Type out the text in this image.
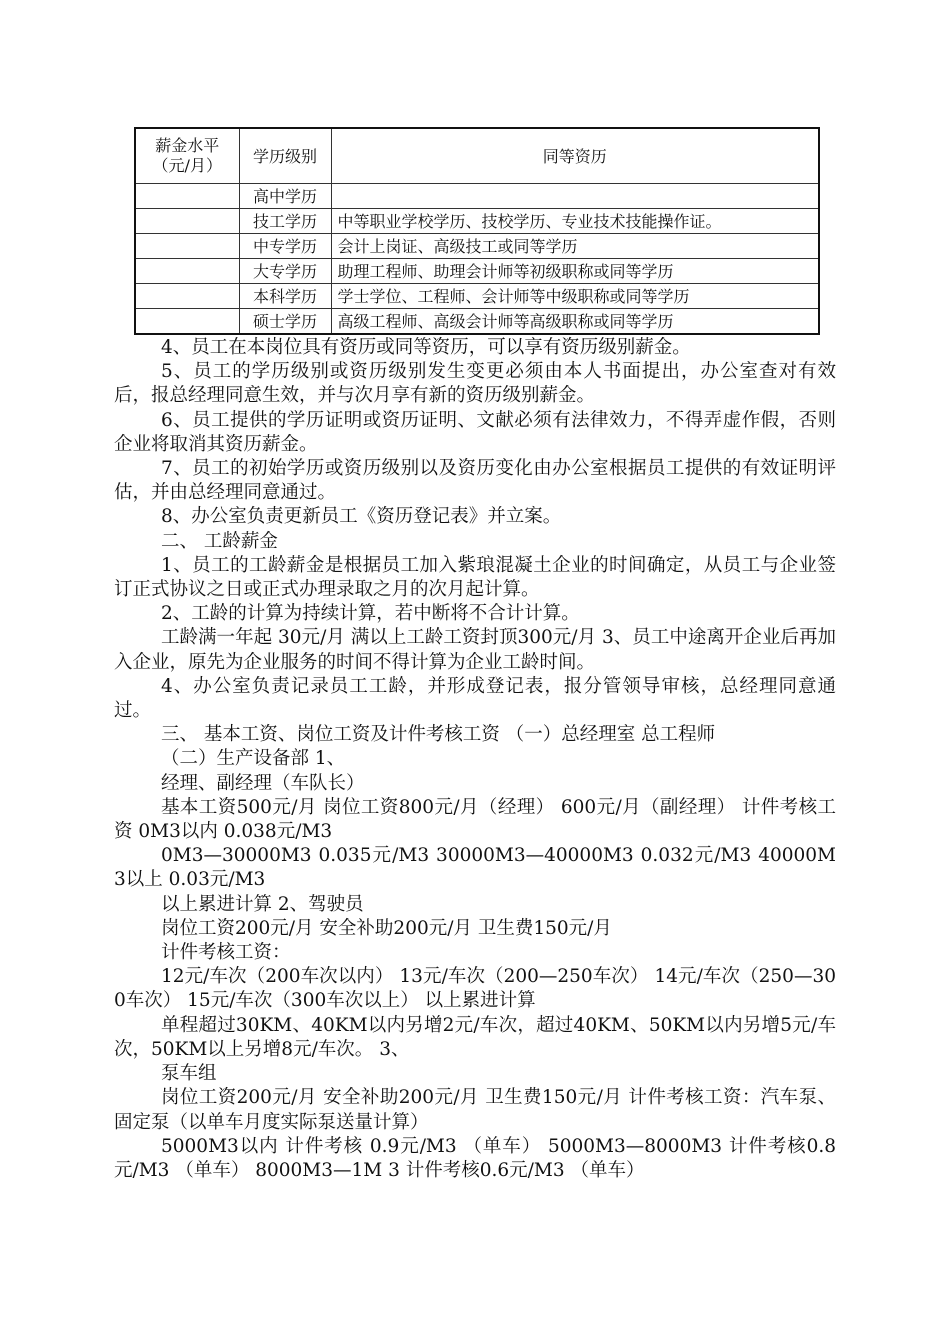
薪金水平（元/月）	学历级别	同等资历
	高中学历	
	技工学历	中等职业学校学历、技校学历、专业技术技能操作证。
	中专学历	会计上岗证、高级技工或同等学历
	大专学历	助理工程师、助理会计师等初级职称或同等学历
	本科学历	学士学位、工程师、会计师等中级职称或同等学历
	硕士学历	高级工程师、高级会计师等高级职称或同等学历

4、员工在本岗位具有资历或同等资历，可以享有资历级别薪金。

5、员工的学历级别或资历级别发生变更必须由本人书面提出，办公室查对有效后，报总经理同意生效，并与次月享有新的资历级别薪金。

6、员工提供的学历证明或资历证明、文献必须有法律效力，不得弄虚作假，否则企业将取消其资历薪金。

7、员工的初始学历或资历级别以及资历变化由办公室根据员工提供的有效证明评估，并由总经理同意通过。

8、办公室负责更新员工《资历登记表》并立案。

二、 工龄薪金

1、员工的工龄薪金是根据员工加入紫琅混凝土企业的时间确定，从员工与企业签订正式协议之日或正式办理录取之月的次月起计算。

2、工龄的计算为持续计算，若中断将不合计计算。

工龄满一年起 30元/月 满以上工龄工资封顶300元/月 3、员工中途离开企业后再加入企业，原先为企业服务的时间不得计算为企业工龄时间。

4、办公室负责记录员工工龄，并形成登记表，报分管领导审核，总经理同意通过。

三、 基本工资、岗位工资及计件考核工资 （一）总经理室 总工程师

（二）生产设备部 1、

经理、副经理（车队长）

基本工资500元/月 岗位工资800元/月（经理） 600元/月（副经理） 计件考核工资 0M3以内 0.038元/M3

0M3—30000M3 0.035元/M3 30000M3—40000M3 0.032元/M3 40000M3以上 0.03元/M3

以上累进计算 2、驾驶员

岗位工资200元/月 安全补助200元/月 卫生费150元/月

计件考核工资：

12元/车次（200车次以内） 13元/车次（200—250车次） 14元/车次（250—300车次） 15元/车次（300车次以上） 以上累进计算

单程超过30KM、40KM以内另增2元/车次，超过40KM、50KM以内另增5元/车次，50KM以上另增8元/车次。 3、

泵车组

岗位工资200元/月 安全补助200元/月 卫生费150元/月 计件考核工资：汽车泵、固定泵（以单车月度实际泵送量计算）

5000M3以内 计件考核 0.9元/M3 （单车） 5000M3—8000M3 计件考核0.8元/M3 （单车） 8000M3—1M 3 计件考核0.6元/M3 （单车）
